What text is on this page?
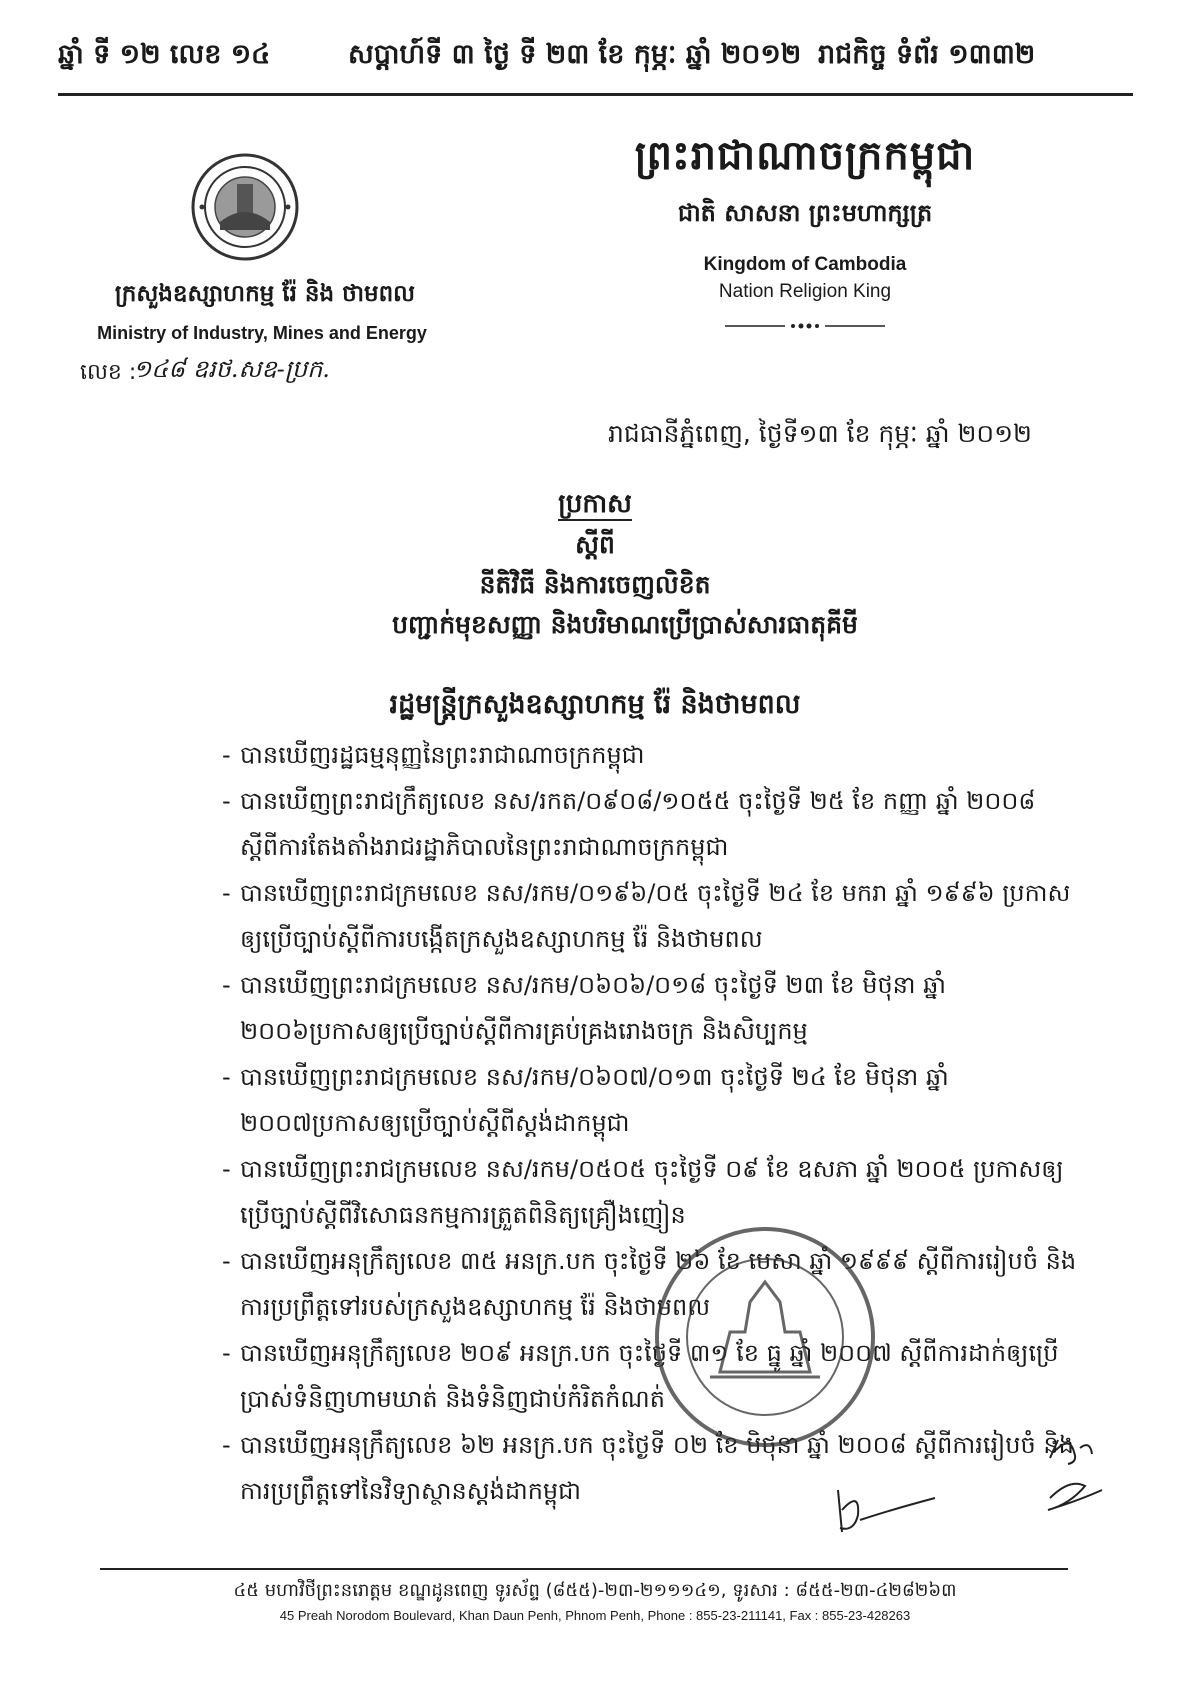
ឆ្នាំ ទី ១២ លេខ ១៤	សប្តាហ៍ទី ៣ ថ្ងៃ ទី ២៣ ខែ កុម្ភៈ ឆ្នាំ ២០១២ រាជកិច្ច ទំព័រ ១៣៣២
ព្រះរាជាណាចក្រកម្ពុជា
ជាតិ សាសនា ព្រះមហាក្សត្រ
Kingdom of Cambodia
Nation Religion King
ក្រសួងឧស្សាហកម្ម រ៉ែ និង ថាមពល
Ministry of Industry, Mines and Energy
លេខ :
១៤៨ ឧរថ.សឧ-ប្រក.
រាជធានីភ្នំពេញ, ថ្ងៃទី១៣ ខែ កុម្ភៈ ឆ្នាំ ២០១២
ប្រកាស
ស្តីពី
នីតិវិធី និងការចេញលិខិត
បញ្ជាក់មុខសញ្ញា និងបរិមាណប្រើប្រាស់សារធាតុគីមី
រដ្ឋមន្ត្រីក្រសួងឧស្សាហកម្ម រ៉ែ និងថាមពល
- បានឃើញរដ្ឋធម្មនុញ្ញនៃព្រះរាជាណាចក្រកម្ពុជា
- បានឃើញព្រះរាជក្រឹត្យលេខ នស/រកត/០៩០៨/១០៥៥ ចុះថ្ងៃទី ២៥ ខែ កញ្ញា ឆ្នាំ ២០០៨ ស្តីពីការតែងតាំងរាជរដ្ឋាភិបាលនៃព្រះរាជាណាចក្រកម្ពុជា
- បានឃើញព្រះរាជក្រមលេខ នស/រកម/០១៩៦/០៥ ចុះថ្ងៃទី ២៤ ខែ មករា ឆ្នាំ ១៩៩៦ ប្រកាសឲ្យប្រើច្បាប់ស្តីពីការបង្កើតក្រសួងឧស្សាហកម្ម រ៉ែ និងថាមពល
- បានឃើញព្រះរាជក្រមលេខ នស/រកម/០៦០៦/០១៨ ចុះថ្ងៃទី ២៣ ខែ មិថុនា ឆ្នាំ ២០០៦ប្រកាសឲ្យប្រើច្បាប់ស្តីពីការគ្រប់គ្រងរោងចក្រ និងសិប្បកម្ម
- បានឃើញព្រះរាជក្រមលេខ នស/រកម/០៦០៧/០១៣ ចុះថ្ងៃទី ២៤ ខែ មិថុនា ឆ្នាំ ២០០៧ប្រកាសឲ្យប្រើច្បាប់ស្តីពីស្តង់ដាកម្ពុជា
- បានឃើញព្រះរាជក្រមលេខ នស/រកម/០៥០៥ ចុះថ្ងៃទី ០៩ ខែ ឧសភា ឆ្នាំ ២០០៥ ប្រកាសឲ្យប្រើច្បាប់ស្តីពីវិសោធនកម្មការត្រួតពិនិត្យគ្រឿងញៀន
- បានឃើញអនុក្រឹត្យលេខ ៣៥ អនក្រ.បក ចុះថ្ងៃទី ២៦ ខែ មេសា ឆ្នាំ ១៩៩៩ ស្តីពីការរៀបចំ និងការប្រព្រឹត្តទៅរបស់ក្រសួងឧស្សាហកម្ម រ៉ែ និងថាមពល
- បានឃើញអនុក្រឹត្យលេខ ២០៩ អនក្រ.បក ចុះថ្ងៃទី ៣១ ខែ ធ្នូ ឆ្នាំ ២០០៧ ស្តីពីការដាក់ឲ្យប្រើប្រាស់ទំនិញហាមឃាត់ និងទំនិញជាប់កំរិតកំណត់
- បានឃើញអនុក្រឹត្យលេខ ៦២ អនក្រ.បក ចុះថ្ងៃទី ០២ ខែ មិថុនា ឆ្នាំ ២០០៨ ស្តីពីការរៀបចំ និងការប្រព្រឹត្តទៅនៃវិទ្យាស្ថានស្តង់ដាកម្ពុជា
៤៥ មហាវិថីព្រះនរោត្តម ខណ្ឌដូនពេញ ទូរស័ព្ទ (៨៥៥)-២៣-២១១១៤១, ទូរសារ : ៨៥៥-២៣-៤២៨២៦៣
45 Preah Norodom Boulevard, Khan Daun Penh, Phnom Penh, Phone : 855-23-211141, Fax : 855-23-428263
